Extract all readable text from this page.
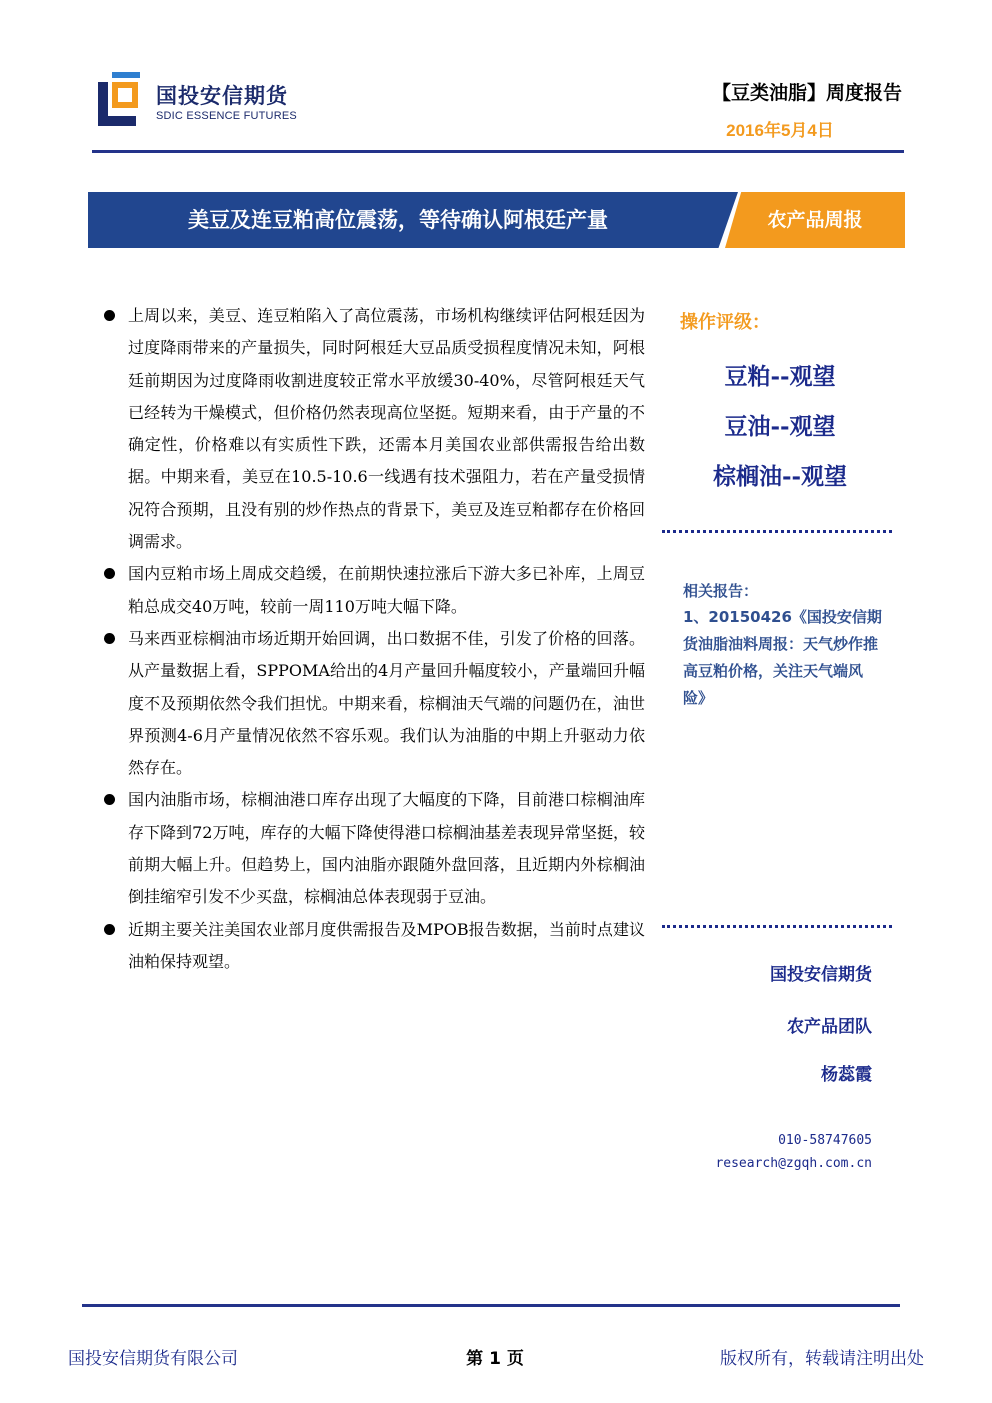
国投安信期货
SDIC ESSENCE FUTURES
【豆类油脂】周度报告
2016年5月4日
美豆及连豆粕高位震荡，等待确认阿根廷产量	农产品周报
上周以来，美豆、连豆粕陷入了高位震荡，市场机构继续评估阿根廷因为过度降雨带来的产量损失，同时阿根廷大豆品质受损程度情况未知，阿根廷前期因为过度降雨收割进度较正常水平放缓30-40%，尽管阿根廷天气已经转为干燥模式，但价格仍然表现高位坚挺。短期来看，由于产量的不确定性，价格难以有实质性下跌，还需本月美国农业部供需报告给出数据。中期来看，美豆在10.5-10.6一线遇有技术强阻力，若在产量受损情况符合预期，且没有别的炒作热点的背景下，美豆及连豆粕都存在价格回调需求。
国内豆粕市场上周成交趋缓，在前期快速拉涨后下游大多已补库，上周豆粕总成交40万吨，较前一周110万吨大幅下降。
马来西亚棕榈油市场近期开始回调，出口数据不佳，引发了价格的回落。从产量数据上看，SPPOMA给出的4月产量回升幅度较小，产量端回升幅度不及预期依然令我们担忧。中期来看，棕榈油天气端的问题仍在，油世界预测4-6月产量情况依然不容乐观。我们认为油脂的中期上升驱动力依然存在。
国内油脂市场，棕榈油港口库存出现了大幅度的下降，目前港口棕榈油库存下降到72万吨，库存的大幅下降使得港口棕榈油基差表现异常坚挺，较前期大幅上升。但趋势上，国内油脂亦跟随外盘回落，且近期内外棕榈油倒挂缩窄引发不少买盘，棕榈油总体表现弱于豆油。
近期主要关注美国农业部月度供需报告及MPOB报告数据，当前时点建议油粕保持观望。
操作评级：
豆粕--观望
豆油--观望
棕榈油--观望
相关报告：
1、20150426《国投安信期货油脂油料周报：天气炒作推高豆粕价格，关注天气端风险》
国投安信期货
农产品团队
杨蕊霞
010-58747605
research@zgqh.com.cn
国投安信期货有限公司	第 1 页	版权所有，转载请注明出处
